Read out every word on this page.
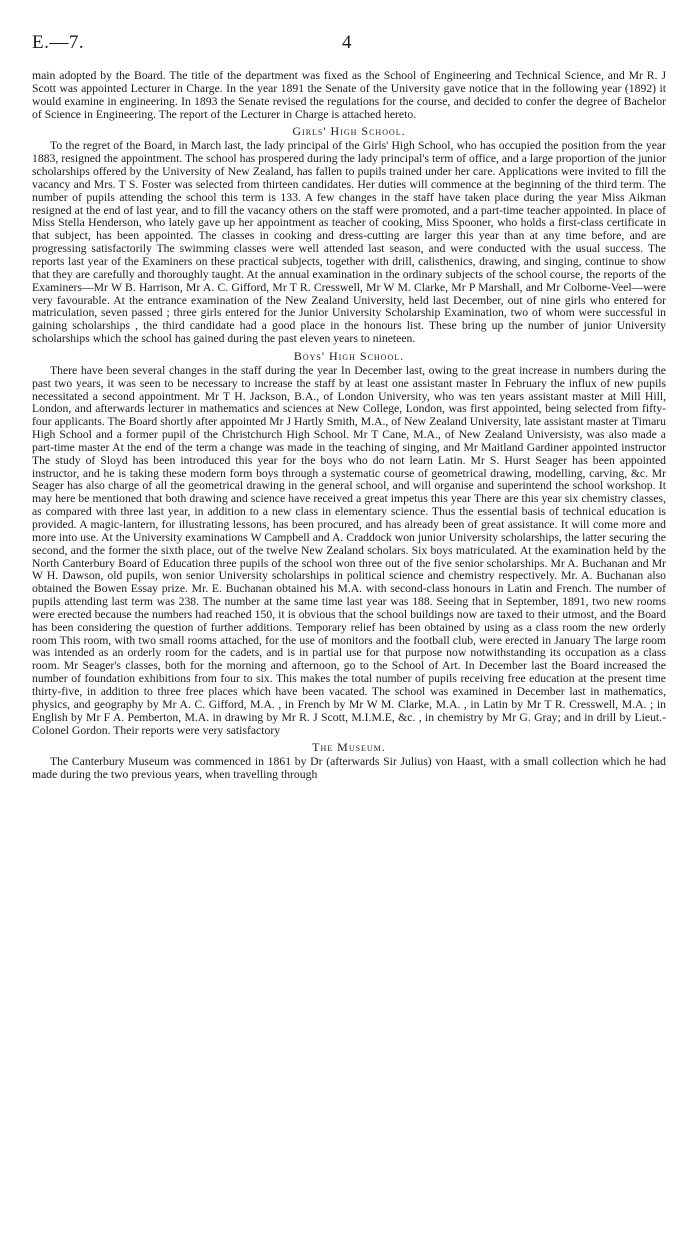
E.—7.	4

main adopted by the Board. The title of the department was fixed as the School of Engineering and Technical Science, and Mr R. J Scott was appointed Lecturer in Charge. In the year 1891 the Senate of the University gave notice that in the following year (1892) it would examine in engineering. In 1893 the Senate revised the regulations for the course, and decided to confer the degree of Bachelor of Science in Engineering. The report of the Lecturer in Charge is attached hereto.

Girls' High School.

To the regret of the Board, in March last, the lady principal of the Girls' High School, who has occupied the position from the year 1883, resigned the appointment. The school has prospered during the lady principal's term of office, and a large proportion of the junior scholarships offered by the University of New Zealand, has fallen to pupils trained under her care. Applications were invited to fill the vacancy and Mrs. T S. Foster was selected from thirteen candidates. Her duties will commence at the beginning of the third term. The number of pupils attending the school this term is 133. A few changes in the staff have taken place during the year Miss Aikman resigned at the end of last year, and to fill the vacancy others on the staff were promoted, and a part-time teacher appointed. In place of Miss Stella Henderson, who lately gave up her appointment as teacher of cooking, Miss Spooner, who holds a first-class certificate in that subject, has been appointed. The classes in cooking and dress-cutting are larger this year than at any time before, and are progressing satisfactorily The swimming classes were well attended last season, and were conducted with the usual success. The reports last year of the Examiners on these practical subjects, together with drill, calisthenics, drawing, and singing, continue to show that they are carefully and thoroughly taught. At the annual examination in the ordinary subjects of the school course, the reports of the Examiners—Mr W B. Harrison, Mr A. C. Gifford, Mr T R. Cresswell, Mr W M. Clarke, Mr P Marshall, and Mr Colborne-Veel—were very favourable. At the entrance examination of the New Zealand University, held last December, out of nine girls who entered for matriculation, seven passed ; three girls entered for the Junior University Scholarship Examination, two of whom were successful in gaining scholarships , the third candidate had a good place in the honours list. These bring up the number of junior University scholarships which the school has gained during the past eleven years to nineteen.

Boys' High School.

There have been several changes in the staff during the year In December last, owing to the great increase in numbers during the past two years, it was seen to be necessary to increase the staff by at least one assistant master In February the influx of new pupils necessitated a second appointment. Mr T H. Jackson, B.A., of London University, who was ten years assistant master at Mill Hill, London, and afterwards lecturer in mathematics and sciences at New College, London, was first appointed, being selected from fifty-four applicants. The Board shortly after appointed Mr J Hartly Smith, M.A., of New Zealand University, late assistant master at Timaru High School and a former pupil of the Christchurch High School. Mr T Cane, M.A., of New Zealand Universisty, was also made a part-time master At the end of the term a change was made in the teaching of singing, and Mr Maitland Gardiner appointed instructor The study of Sloyd has been introduced this year for the boys who do not learn Latin. Mr S. Hurst Seager has been appointed instructor, and he is taking these modern form boys through a systematic course of geometrical drawing, modelling, carving, &c. Mr Seager has also charge of all the geometrical drawing in the general school, and will organise and superintend the school workshop. It may here be mentioned that both drawing and science have received a great impetus this year There are this year six chemistry classes, as compared with three last year, in addition to a new class in elementary science. Thus the essential basis of technical education is provided. A magic-lantern, for illustrating lessons, has been procured, and has already been of great assistance. It will come more and more into use. At the University examinations W Campbell and A. Craddock won junior University scholarships, the latter securing the second, and the former the sixth place, out of the twelve New Zealand scholars. Six boys matriculated. At the examination held by the North Canterbury Board of Education three pupils of the school won three out of the five senior scholarships. Mr A. Buchanan and Mr W H. Dawson, old pupils, won senior University scholarships in political science and chemistry respectively. Mr. A. Buchanan also obtained the Bowen Essay prize. Mr. E. Buchanan obtained his M.A. with second-class honours in Latin and French. The number of pupils attending last term was 238. The number at the same time last year was 188. Seeing that in September, 1891, two new rooms were erected because the numbers had reached 150, it is obvious that the school buildings now are taxed to their utmost, and the Board has been considering the question of further additions. Temporary relief has been obtained by using as a class room the new orderly room This room, with two small rooms attached, for the use of monitors and the football club, were erected in January The large room was intended as an orderly room for the cadets, and is in partial use for that purpose now notwithstanding its occupation as a class room. Mr Seager's classes, both for the morning and afternoon, go to the School of Art. In December last the Board increased the number of foundation exhibitions from four to six. This makes the total number of pupils receiving free education at the present time thirty-five, in addition to three free places which have been vacated. The school was examined in December last in mathematics, physics, and geography by Mr A. C. Gifford, M.A. , in French by Mr W M. Clarke, M.A. , in Latin by Mr T R. Cresswell, M.A. ; in English by Mr F A. Pemberton, M.A. in drawing by Mr R. J Scott, M.I.M.E, &c. , in chemistry by Mr G. Gray; and in drill by Lieut.-Colonel Gordon. Their reports were very satisfactory

The Museum.

The Canterbury Museum was commenced in 1861 by Dr (afterwards Sir Julius) von Haast, with a small collection which he had made during the two previous years, when travelling through
